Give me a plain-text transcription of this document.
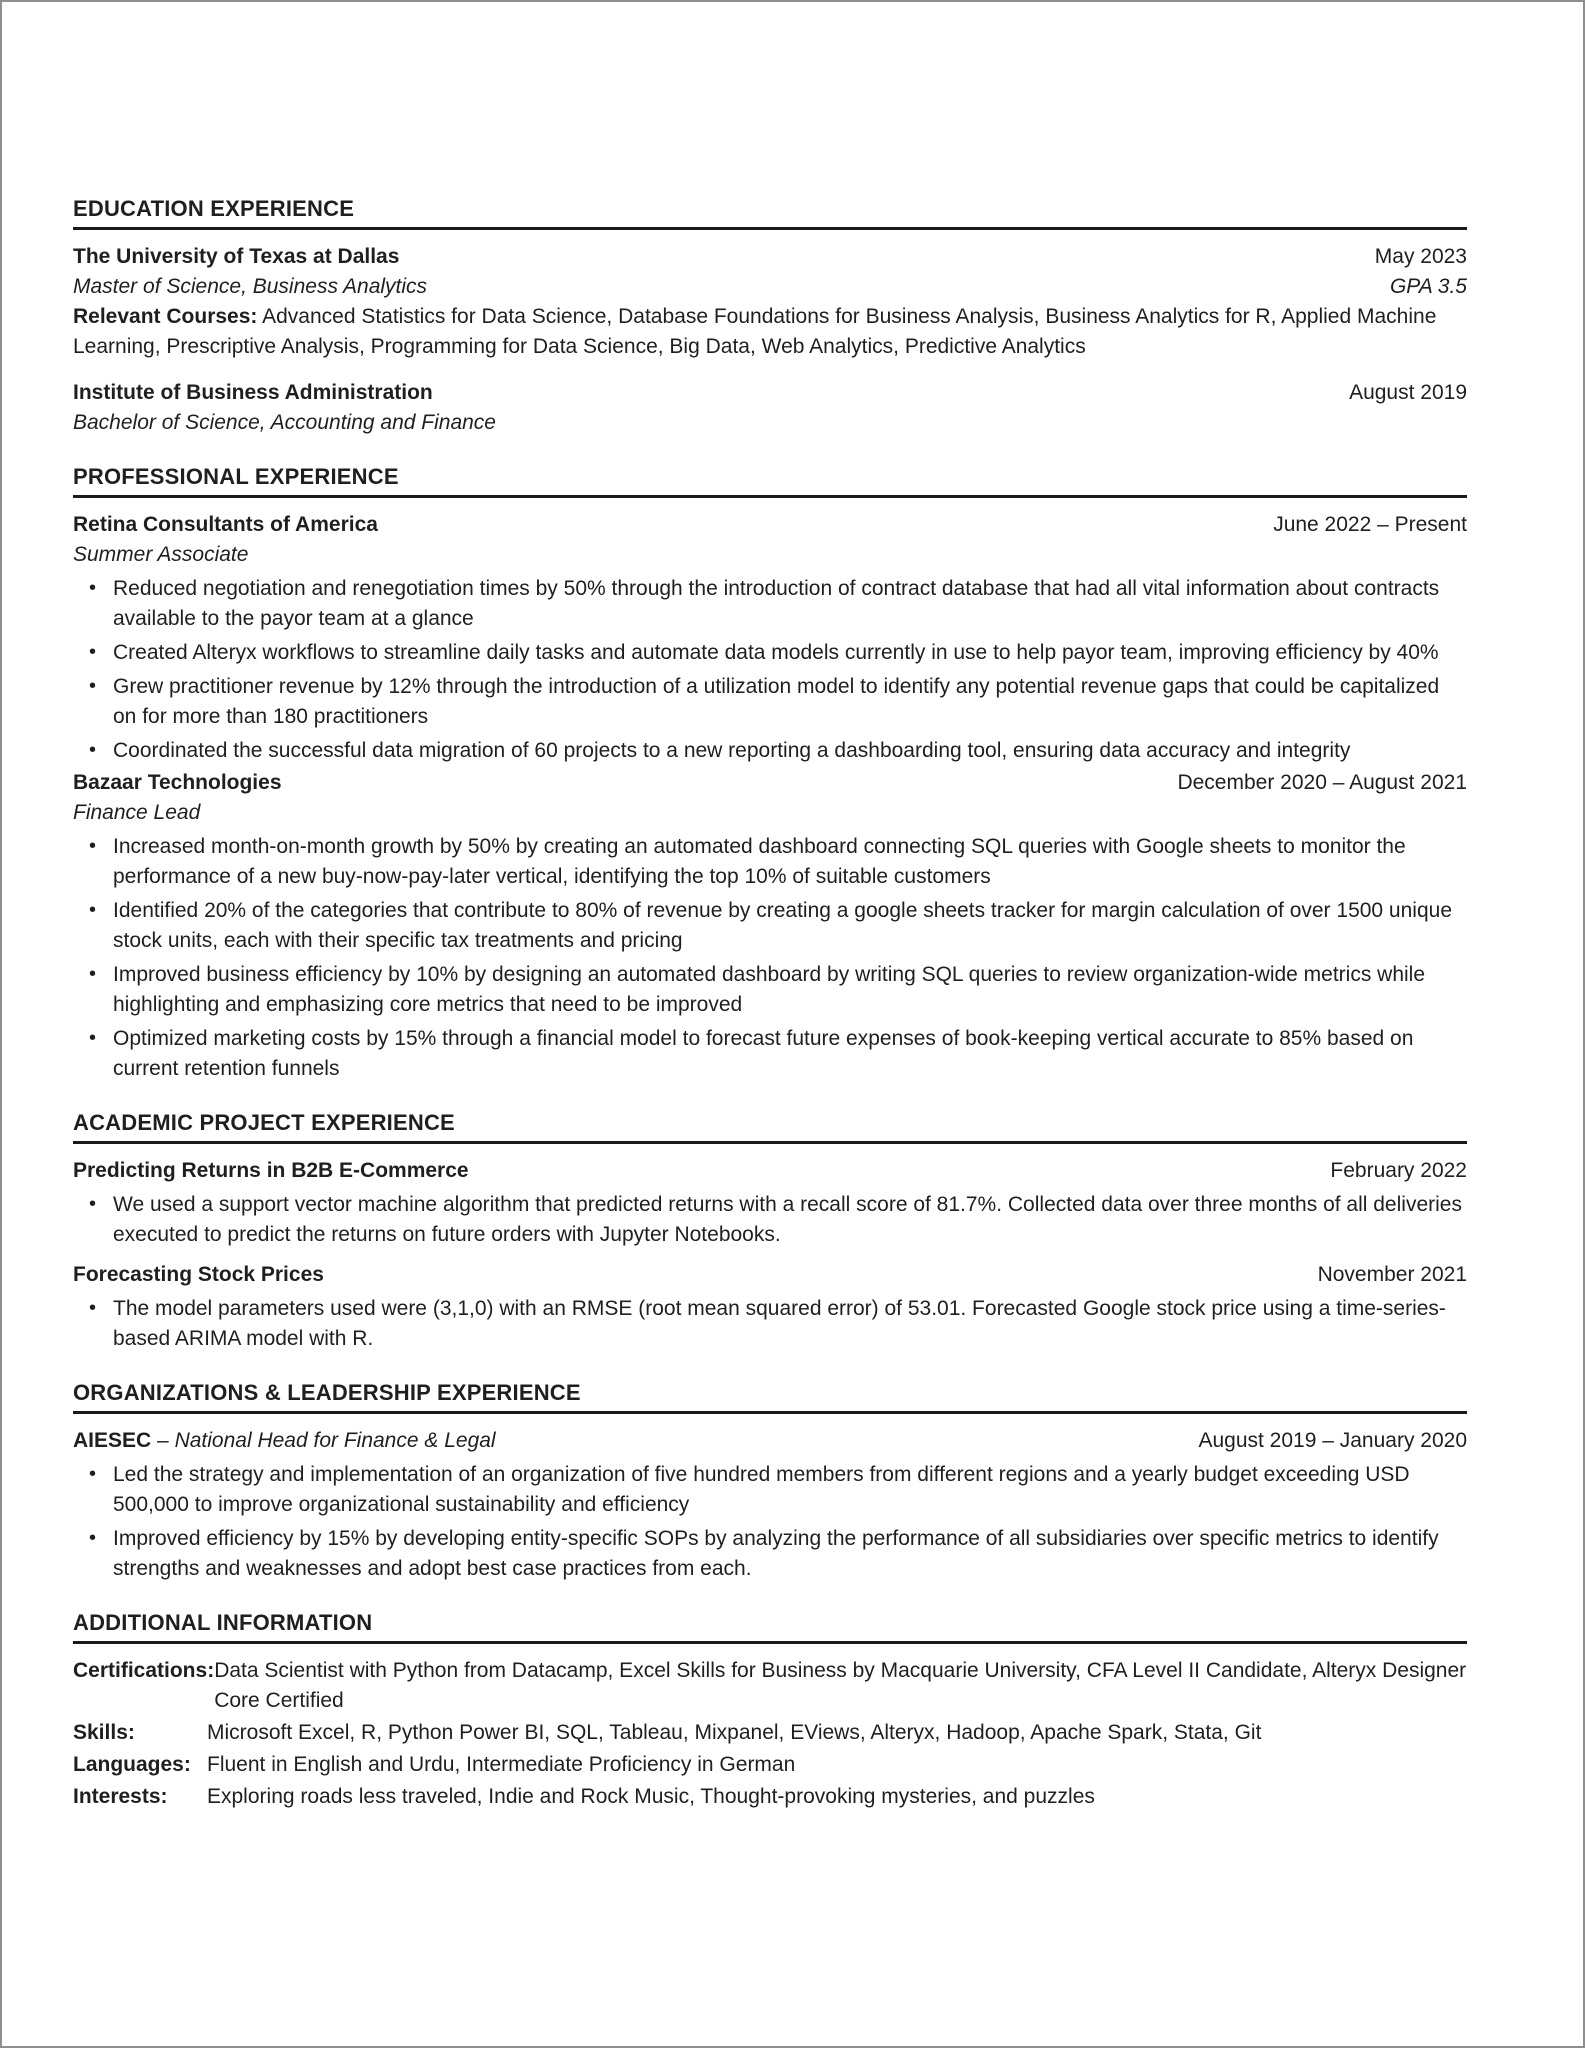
EDUCATION EXPERIENCE
The University of Texas at Dallas	May 2023
Master of Science, Business Analytics	GPA 3.5
Relevant Courses: Advanced Statistics for Data Science, Database Foundations for Business Analysis, Business Analytics for R, Applied Machine Learning, Prescriptive Analysis, Programming for Data Science, Big Data, Web Analytics, Predictive Analytics
Institute of Business Administration	August 2019
Bachelor of Science, Accounting and Finance
PROFESSIONAL EXPERIENCE
Retina Consultants of America	June 2022 – Present
Summer Associate
• Reduced negotiation and renegotiation times by 50% through the introduction of contract database that had all vital information about contracts available to the payor team at a glance
• Created Alteryx workflows to streamline daily tasks and automate data models currently in use to help payor team, improving efficiency by 40%
• Grew practitioner revenue by 12% through the introduction of a utilization model to identify any potential revenue gaps that could be capitalized on for more than 180 practitioners
• Coordinated the successful data migration of 60 projects to a new reporting a dashboarding tool, ensuring data accuracy and integrity
Bazaar Technologies	December 2020 – August 2021
Finance Lead
• Increased month-on-month growth by 50% by creating an automated dashboard connecting SQL queries with Google sheets to monitor the performance of a new buy-now-pay-later vertical, identifying the top 10% of suitable customers
• Identified 20% of the categories that contribute to 80% of revenue by creating a google sheets tracker for margin calculation of over 1500 unique stock units, each with their specific tax treatments and pricing
• Improved business efficiency by 10% by designing an automated dashboard by writing SQL queries to review organization-wide metrics while highlighting and emphasizing core metrics that need to be improved
• Optimized marketing costs by 15% through a financial model to forecast future expenses of book-keeping vertical accurate to 85% based on current retention funnels
ACADEMIC PROJECT EXPERIENCE
Predicting Returns in B2B E-Commerce	February 2022
• We used a support vector machine algorithm that predicted returns with a recall score of 81.7%. Collected data over three months of all deliveries executed to predict the returns on future orders with Jupyter Notebooks.
Forecasting Stock Prices	November 2021
• The model parameters used were (3,1,0) with an RMSE (root mean squared error) of 53.01. Forecasted Google stock price using a time-series-based ARIMA model with R.
ORGANIZATIONS & LEADERSHIP EXPERIENCE
AIESEC – National Head for Finance & Legal	August 2019 – January 2020
• Led the strategy and implementation of an organization of five hundred members from different regions and a yearly budget exceeding USD 500,000 to improve organizational sustainability and efficiency
• Improved efficiency by 15% by developing entity-specific SOPs by analyzing the performance of all subsidiaries over specific metrics to identify strengths and weaknesses and adopt best case practices from each.
ADDITIONAL INFORMATION
Certifications: Data Scientist with Python from Datacamp, Excel Skills for Business by Macquarie University, CFA Level II Candidate, Alteryx Designer Core Certified
Skills:	Microsoft Excel, R, Python Power BI, SQL, Tableau, Mixpanel, EViews, Alteryx, Hadoop, Apache Spark, Stata, Git
Languages: Fluent in English and Urdu, Intermediate Proficiency in German
Interests:	Exploring roads less traveled, Indie and Rock Music, Thought-provoking mysteries, and puzzles
